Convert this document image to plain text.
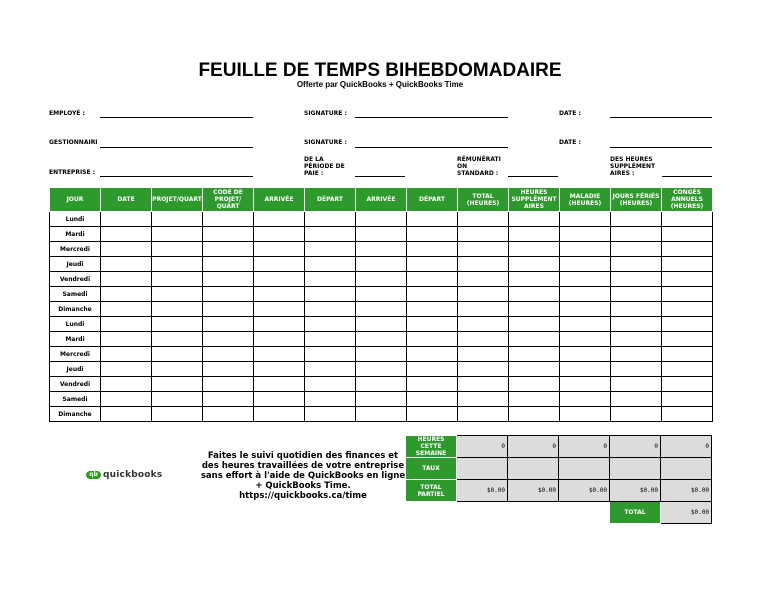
FEUILLE DE TEMPS BIHEBDOMADAIRE
Offerte par QuickBooks + QuickBooks Time
EMPLOYÉ :	SIGNATURE :	DATE :
GESTIONNAIRI	SIGNATURE :	DATE :
ENTREPRISE :

DE LA
PÉRIODE DE
PAIE :

RÉMUNÉRATI
ON
STANDARD :

DES HEURES
SUPPLÉMENT
AIRES :

JOUR	DATE	PROJET/QUART	CODE DE PROJET/ QUART	ARRIVÉE	DÉPART	ARRIVÉE	DÉPART	TOTAL (HEURES)	HEURES SUPPLÉMENT AIRES	MALADIE (HEURES)	JOURS FÉRIÉS (HEURES)	CONGÉS ANNUELS (HEURES)
Lundi												
Mardi												
Mercredi												
Jeudi												
Vendredi												
Samedi												
Dimanche												
Lundi												
Mardi												
Mercredi												
Jeudi												
Vendredi												
Samedi												
Dimanche												
HEURES CETTE SEMAINE	0	0	0	0	0
TAUX					
TOTAL PARTIEL	$0.00	$0.00	$0.00	$0.00	$0.00
				TOTAL	$0.00
Faites le suivi quotidien des finances et des heures travaillées de votre entreprise sans effort à l'aide de QuickBooks en ligne + QuickBooks Time.
https://quickbooks.ca/time
qb quickbooks
